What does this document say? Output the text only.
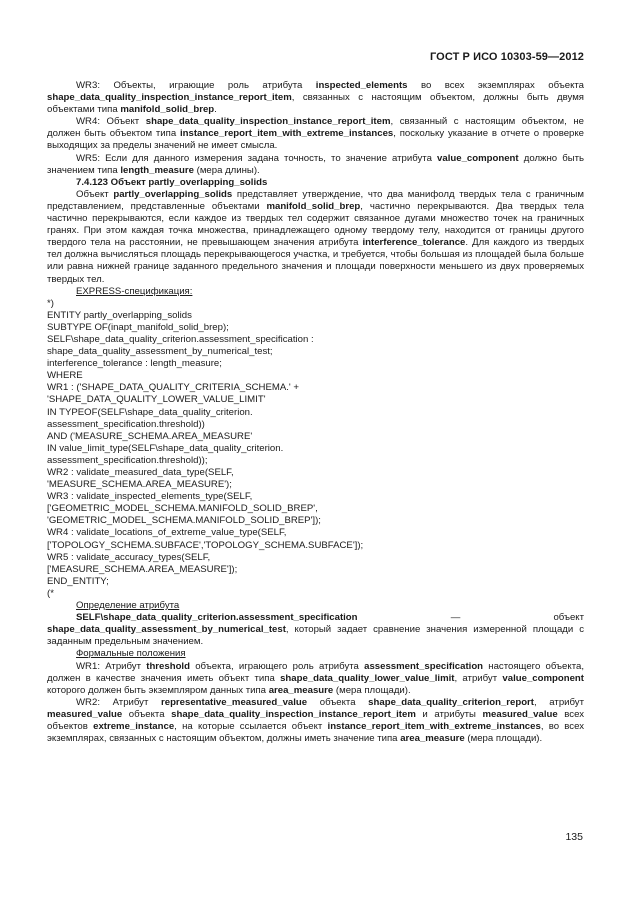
ГОСТ Р ИСО 10303-59—2012

WR3: Объекты, играющие роль атрибута inspected_elements во всех экземплярах объекта shape_data_quality_inspection_instance_report_item, связанных с настоящим объектом, должны быть двумя объектами типа manifold_solid_brep.

WR4: Объект shape_data_quality_inspection_instance_report_item, связанный с настоящим объектом, не должен быть объектом типа instance_report_item_with_extreme_instances, поскольку указание в отчете о проверке выходящих за пределы значений не имеет смысла.

WR5: Если для данного измерения задана точность, то значение атрибута value_component должно быть значением типа length_measure (мера длины).

7.4.123 Объект partly_overlapping_solids

Объект partly_overlapping_solids представляет утверждение, что два манифолд твердых тела с граничным представлением, представленные объектами manifold_solid_brep, частично перекрываются. Два твердых тела частично перекрываются, если каждое из твердых тел содержит связанное дугами множество точек на граничных гранях. При этом каждая точка множества, принадлежащего одному твердому телу, находится от границы другого твердого тела на расстоянии, не превышающем значения атрибута interference_tolerance. Для каждого из твердых тел должна вычисляться площадь перекрывающегося участка, и требуется, чтобы большая из площадей была больше или равна нижней границе заданного предельного значения и площади поверхности меньшего из двух проверяемых твердых тел.

EXPRESS-спецификация:

*)

ENTITY partly_overlapping_solids

SUBTYPE OF(inapt_manifold_solid_brep);

SELF\shape_data_quality_criterion.assessment_specification :

shape_data_quality_assessment_by_numerical_test;

interference_tolerance : length_measure;

WHERE

WR1 : ('SHAPE_DATA_QUALITY_CRITERIA_SCHEMA.' +

'SHAPE_DATA_QUALITY_LOWER_VALUE_LIMIT'

IN TYPEOF(SELF\shape_data_quality_criterion.

assessment_specification.threshold))

AND ('MEASURE_SCHEMA.AREA_MEASURE'

IN value_limit_type(SELF\shape_data_quality_criterion.

assessment_specification.threshold));

WR2 : validate_measured_data_type(SELF,

'MEASURE_SCHEMA.AREA_MEASURE');

WR3 : validate_inspected_elements_type(SELF,

['GEOMETRIC_MODEL_SCHEMA.MANIFOLD_SOLID_BREP',

'GEOMETRIC_MODEL_SCHEMA.MANIFOLD_SOLID_BREP']);

WR4 : validate_locations_of_extreme_value_type(SELF,

['TOPOLOGY_SCHEMA.SUBFACE','TOPOLOGY_SCHEMA.SUBFACE']);

WR5 : validate_accuracy_types(SELF,

['MEASURE_SCHEMA.AREA_MEASURE']);

END_ENTITY;

(*

Определение атрибута

SELF\shape_data_quality_criterion.assessment_specification — объект shape_data_quality_assessment_by_numerical_test, который задает сравнение значения измеренной площади с заданным предельным значением.

Формальные положения

WR1: Атрибут threshold объекта, играющего роль атрибута assessment_specification настоящего объекта, должен в качестве значения иметь объект типа shape_data_quality_lower_value_limit, атрибут value_component которого должен быть экземпляром данных типа area_measure (мера площади).

WR2: Атрибут representative_measured_value объекта shape_data_quality_criterion_report, атрибут measured_value объекта shape_data_quality_inspection_instance_report_item и атрибуты measured_value всех объектов extreme_instance, на которые ссылается объект instance_report_item_with_extreme_instances, во всех экземплярах, связанных с настоящим объектом, должны иметь значение типа area_measure (мера площади).

135
